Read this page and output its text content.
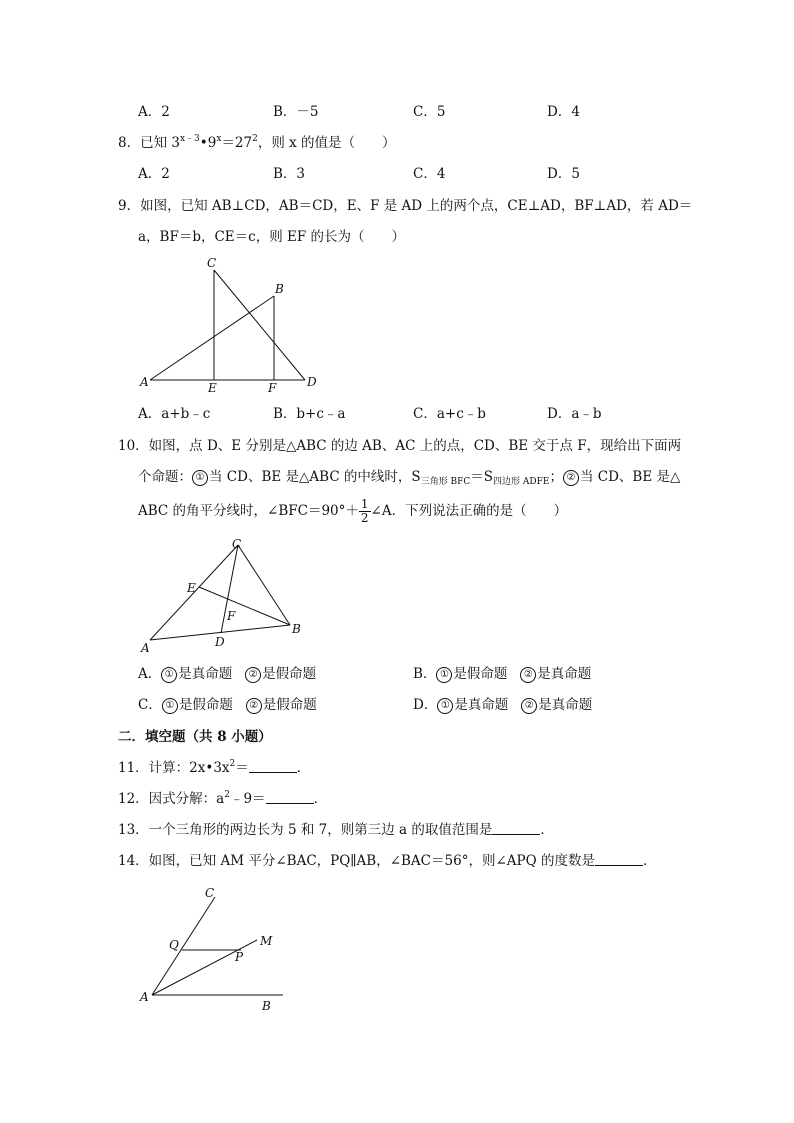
A．2	B．－5	C．5	D．4
8．已知 $3^{x﹣3}•9^x=27^2$，则 x 的值是（　　）
A．2	B．3	C．4	D．5
9．如图，已知 AB⊥CD，AB＝CD，E、F 是 AD 上的两个点，CE⊥AD，BF⊥AD，若 AD＝
a，BF＝b，CE＝c，则 EF 的长为（　　）
C
B
A	E	F	D
A．a+b﹣c	B．b+c﹣a	C．a+c﹣b	D．a﹣b
10．如图，点 D、E 分别是△ABC 的边 AB、AC 上的点，CD、BE 交于点 F，现给出下面两
个命题： ① 当 CD、BE 是△ABC 的中线时，$S_{三角形 BFC}=S_{四边形 ADFE}$； ② 当 CD、BE 是△
ABC 的角平分线时，∠BFC＝90°＋ $\frac{1}{2}$ ∠A．下列说法正确的是（　　）
C
E
F
A	D
B
A． ① 是真命题 ② 是假命题	B． ① 是假命题 ② 是真命题
C． ① 是假命题 ② 是假命题	D． ① 是真命题 ② 是真命题
二．填空题（共 8 小题）
11．计算：$2x•3x^2=$	．
12．因式分解：$a^2﹣9=$	．
13．一个三角形的两边长为 5 和 7，则第三边 a 的取值范围是	．
14．如图，已知 AM 平分∠BAC，PQ∥AB，∠BAC＝56°，则∠APQ 的度数是	．
C
M
Q
P
A
B
